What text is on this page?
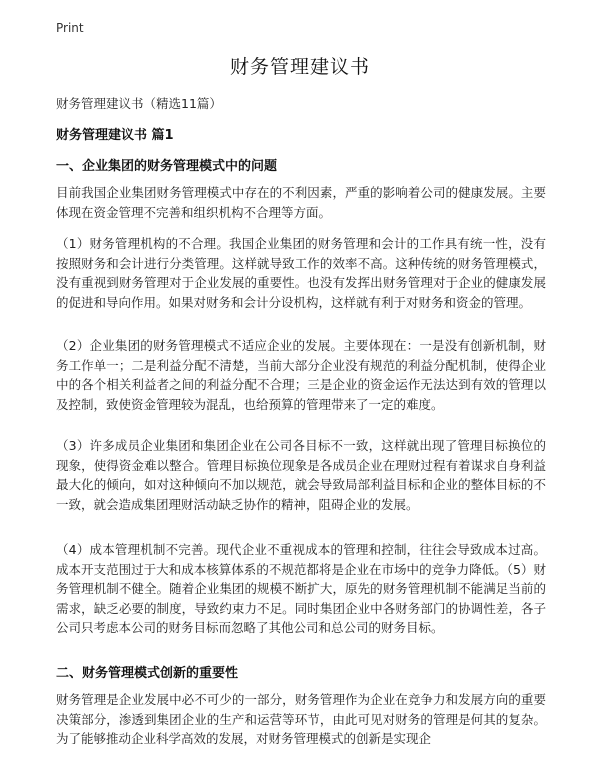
Print
财务管理建议书
财务管理建议书（精选11篇）
财务管理建议书 篇1
一、企业集团的财务管理模式中的问题

目前我国企业集团财务管理模式中存在的不利因素，严重的影响着公司的健康发展。主要体现在资金管理不完善和组织机构不合理等方面。

（1）财务管理机构的不合理。我国企业集团的财务管理和会计的工作具有统一性，没有按照财务和会计进行分类管理。这样就导致工作的效率不高。这种传统的财务管理模式，没有重视到财务管理对于企业发展的重要性。也没有发挥出财务管理对于企业的健康发展的促进和导向作用。如果对财务和会计分设机构，这样就有利于对财务和资金的管理。

（2）企业集团的财务管理模式不适应企业的发展。主要体现在：一是没有创新机制，财务工作单一；二是利益分配不清楚，当前大部分企业没有规范的利益分配机制，使得企业中的各个相关利益者之间的利益分配不合理；三是企业的资金运作无法达到有效的管理以及控制，致使资金管理较为混乱，也给预算的管理带来了一定的难度。

（3）许多成员企业集团和集团企业在公司各目标不一致，这样就出现了管理目标换位的现象，使得资金难以整合。管理目标换位现象是各成员企业在理财过程有着谋求自身利益最大化的倾向，如对这种倾向不加以规范，就会导致局部利益目标和企业的整体目标的不一致，就会造成集团理财活动缺乏协作的精神，阻碍企业的发展。

（4）成本管理机制不完善。现代企业不重视成本的管理和控制，往往会导致成本过高。成本开支范围过于大和成本核算体系的不规范都将是企业在市场中的竞争力降低。（5）财务管理机制不健全。随着企业集团的规模不断扩大，原先的财务管理机制不能满足当前的需求，缺乏必要的制度，导致约束力不足。同时集团企业中各财务部门的协调性差，各子公司只考虑本公司的财务目标而忽略了其他公司和总公司的财务目标。

二、财务管理模式创新的重要性

财务管理是企业发展中必不可少的一部分，财务管理作为企业在竞争力和发展方向的重要决策部分，渗透到集团企业的生产和运营等环节，由此可见对财务的管理是何其的复杂。为了能够推动企业科学高效的发展，对财务管理模式的创新是实现企
